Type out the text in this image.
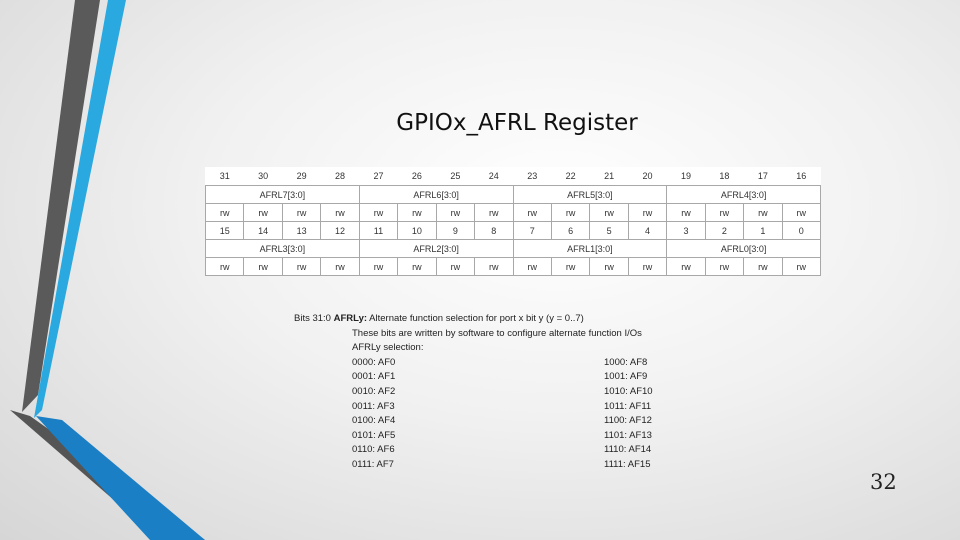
GPIOx_AFRL Register
31	30	29	28	27	26	25	24	23	22	21	20	19	18	17	16
AFRL7[3:0]				AFRL6[3:0]				AFRL5[3:0]				AFRL4[3:0]			
rw	rw	rw	rw	rw	rw	rw	rw	rw	rw	rw	rw	rw	rw	rw	rw
15	14	13	12	11	10	9	8	7	6	5	4	3	2	1	0
AFRL3[3:0]				AFRL2[3:0]				AFRL1[3:0]				AFRL0[3:0]			
rw	rw	rw	rw	rw	rw	rw	rw	rw	rw	rw	rw	rw	rw	rw	rw
Bits 31:0 AFRLy: Alternate function selection for port x bit y (y = 0..7)
These bits are written by software to configure alternate function I/Os
AFRLy selection:
0000: AF0	1000: AF8
0001: AF1	1001: AF9
0010: AF2	1010: AF10
0011: AF3	1011: AF11
0100: AF4	1100: AF12
0101: AF5	1101: AF13
0110: AF6	1110: AF14
0111: AF7	1111: AF15
32
